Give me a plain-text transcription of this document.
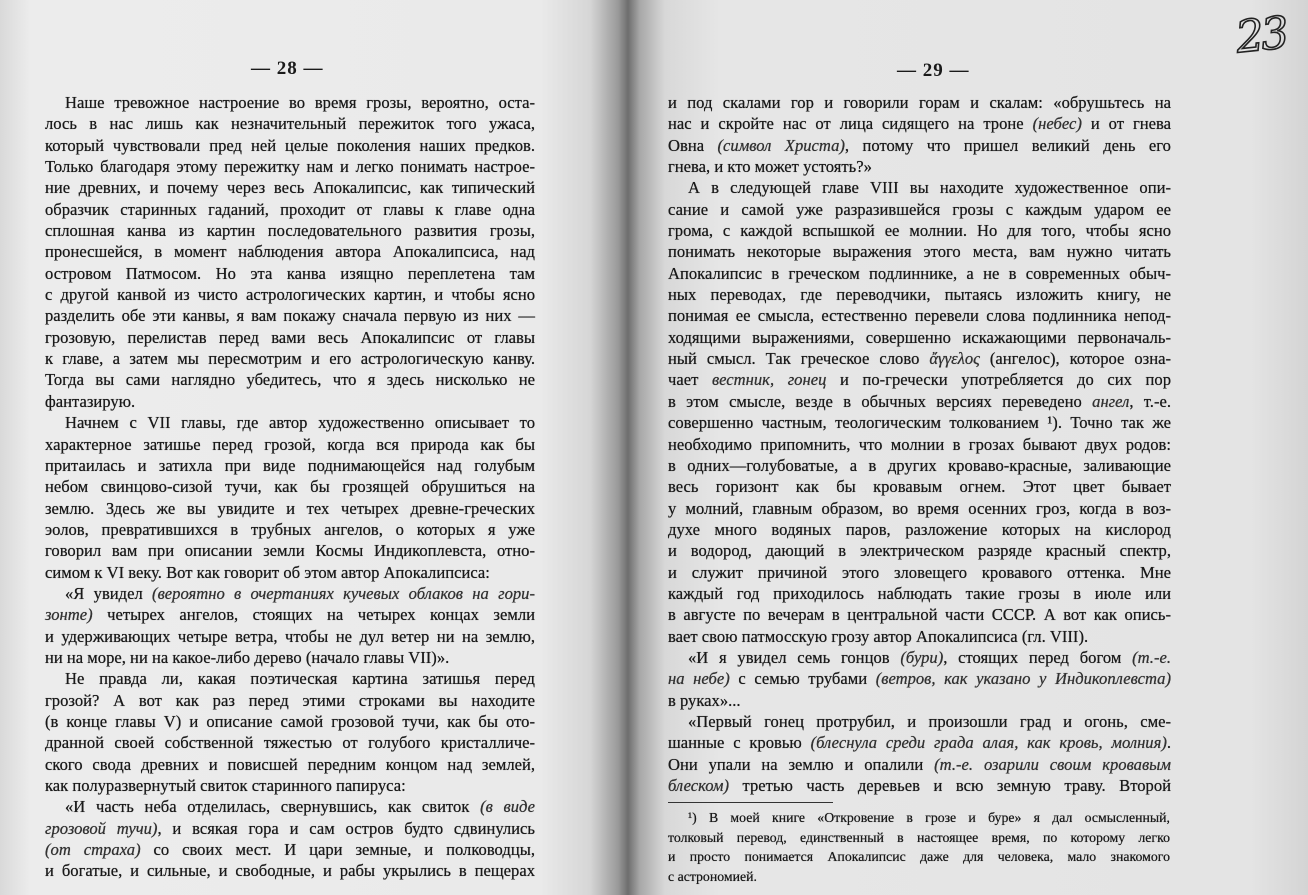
23
— 28 —	— 29 —
Наше тревожное настроение во время грозы, вероятно, оста-
лось в нас лишь как незначительный пережиток того ужаса,
который чувствовали пред ней целые поколения наших предков.
Только благодаря этому пережитку нам и легко понимать настрое-
ние древних, и почему через весь Апокалипсис, как типический
образчик старинных гаданий, проходит от главы к главе одна
сплошная канва из картин последовательного развития грозы,
пронесшейся, в момент наблюдения автора Апокалипсиса, над
островом Патмосом. Но эта канва изящно переплетена там
с другой канвой из чисто астрологических картин, и чтобы ясно
разделить обе эти канвы, я вам покажу сначала первую из них —
грозовую, перелистав перед вами весь Апокалипсис от главы
к главе, а затем мы пересмотрим и его астрологическую канву.
Тогда вы сами наглядно убедитесь, что я здесь нисколько не
фантазирую.
Начнем с VII главы, где автор художественно описывает то
характерное затишье перед грозой, когда вся природа как бы
притаилась и затихла при виде поднимающейся над голубым
небом свинцово-сизой тучи, как бы грозящей обрушиться на
землю. Здесь же вы увидите и тех четырех древне-греческих
эолов, превратившихся в трубных ангелов, о которых я уже
говорил вам при описании земли Космы Индикоплевста, отно-
симом к VI веку. Вот как говорит об этом автор Апокалипсиса:
«Я увидел (вероятно в очертаниях кучевых облаков на гори-
зонте) четырех ангелов, стоящих на четырех концах земли
и удерживающих четыре ветра, чтобы не дул ветер ни на землю,
ни на море, ни на какое-либо дерево (начало главы VII)».
Не правда ли, какая поэтическая картина затишья перед
грозой? А вот как раз перед этими строками вы находите
(в конце главы V) и описание самой грозовой тучи, как бы ото-
дранной своей собственной тяжестью от голубого кристалличе-
ского свода древних и повисшей передним концом над землей,
как полуразвернутый свиток старинного папируса:
«И часть неба отделилась, свернувшись, как свиток (в виде
грозовой тучи), и всякая гора и сам остров будто сдвинулись
(от страха) со своих мест. И цари земные, и полководцы,
и богатые, и сильные, и свободные, и рабы укрылись в пещерах
и под скалами гор и говорили горам и скалам: «обрушьтесь на
нас и скройте нас от лица сидящего на троне (небес) и от гнева
Овна (символ Христа), потому что пришел великий день его
гнева, и кто может устоять?»
А в следующей главе VIII вы находите художественное опи-
сание и самой уже разразившейся грозы с каждым ударом ее
грома, с каждой вспышкой ее молнии. Но для того, чтобы ясно
понимать некоторые выражения этого места, вам нужно читать
Апокалипсис в греческом подлиннике, а не в современных обыч-
ных переводах, где переводчики, пытаясь изложить книгу, не
понимая ее смысла, естественно перевели слова подлинника непод-
ходящими выражениями, совершенно искажающими первоначаль-
ный смысл. Так греческое слово ἄγγελος (ангелос), которое озна-
чает вестник, гонец и по-гречески употребляется до сих пор
в этом смысле, везде в обычных версиях переведено ангел, т.-е.
совершенно частным, теологическим толкованием ¹). Точно так же
необходимо припомнить, что молнии в грозах бывают двух родов:
в одних—голубоватые, а в других кроваво-красные, заливающие
весь горизонт как бы кровавым огнем. Этот цвет бывает
у молний, главным образом, во время осенних гроз, когда в воз-
духе много водяных паров, разложение которых на кислород
и водород, дающий в электрическом разряде красный спектр,
и служит причиной этого зловещего кровавого оттенка. Мне
каждый год приходилось наблюдать такие грозы в июле или
в августе по вечерам в центральной части СССР. А вот как опись-
вает свою патмосскую грозу автор Апокалипсиса (гл. VIII).
«И я увидел семь гонцов (бури), стоящих перед богом (т.-е.
на небе) с семью трубами (ветров, как указано у Индикоплевста)
в руках»...
«Первый гонец протрубил, и произошли град и огонь, сме-
шанные с кровью (блеснула среди града алая, как кровь, молния).
Они упали на землю и опалили (т.-е. озарили своим кровавым
блеском) третью часть деревьев и всю земную траву. Второй
¹) В моей книге «Откровение в грозе и буре» я дал осмысленный,
толковый перевод, единственный в настоящее время, по которому легко
и просто понимается Апокалипсис даже для человека, мало знакомого
с астрономией.
